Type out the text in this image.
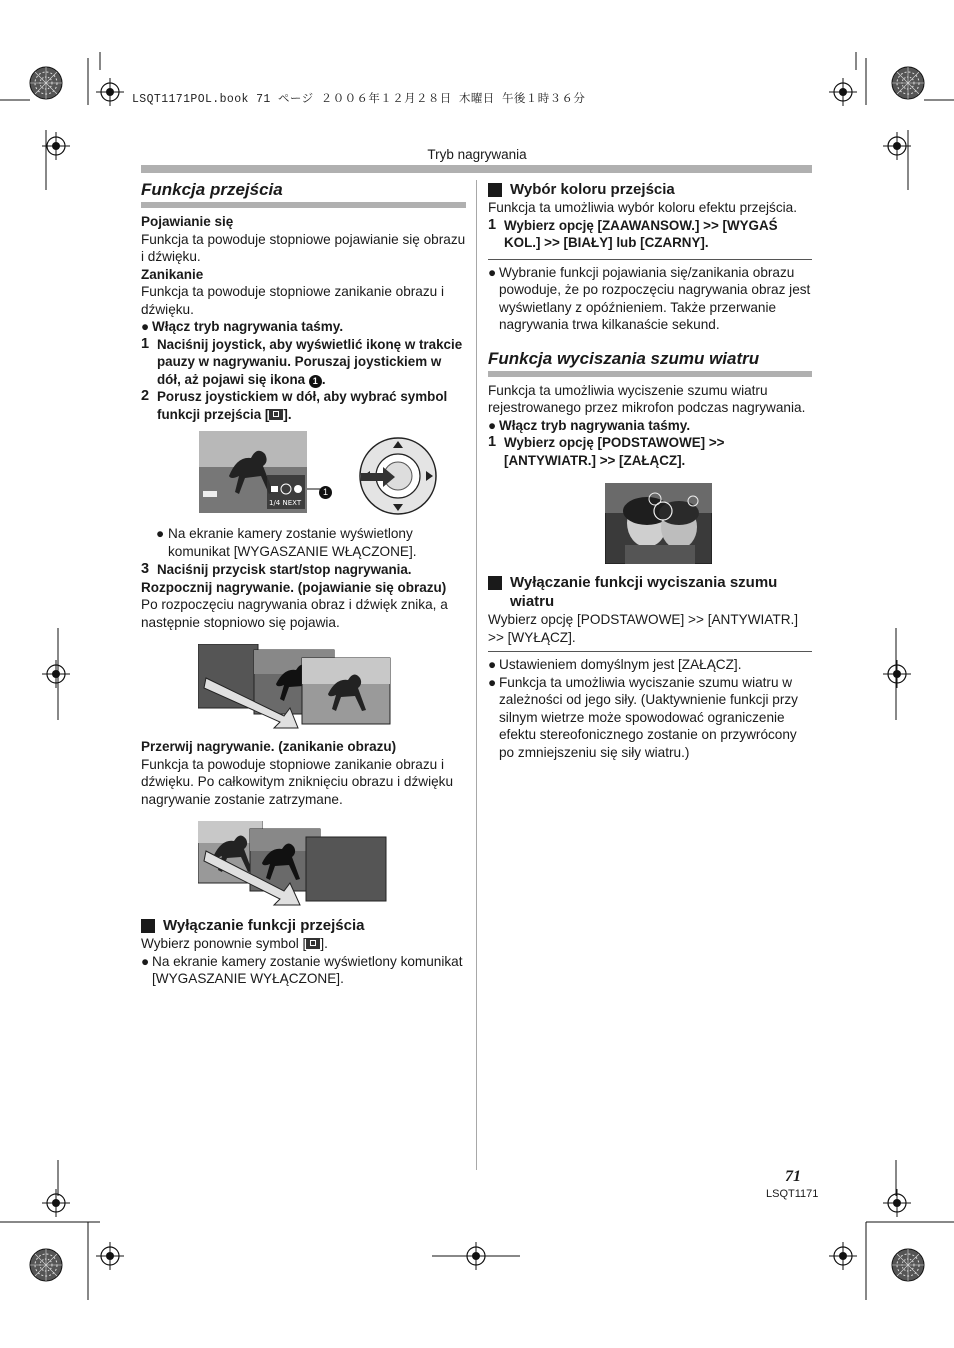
LSQT1171POL.book 71 ページ ２００６年１２月２８日 木曜日 午後１時３６分
Tryb nagrywania
Funkcja przejścia
Pojawianie się

Funkcja ta powoduje stopniowe pojawianie się obrazu i dźwięku.

Zanikanie

Funkcja ta powoduje stopniowe zanikanie obrazu i dźwięku.

● Włącz tryb nagrywania taśmy.
1 Naciśnij joystick, aby wyświetlić ikonę w trakcie pauzy w nagrywaniu. Poruszaj joystickiem w dół, aż pojawi się ikona 1 .
2 Porusz joystickiem w dół, aby wybrać symbol funkcji przejścia [ ].
1/4 NEXT
1
● Na ekranie kamery zostanie wyświetlony komunikat [WYGASZANIE WŁĄCZONE].
3 Naciśnij przycisk start/stop nagrywania.
Rozpocznij nagrywanie. (pojawianie się obrazu)

Po rozpoczęciu nagrywania obraz i dźwięk znika, a następnie stopniowo się pojawia.

Przerwij nagrywanie. (zanikanie obrazu)

Funkcja ta powoduje stopniowe zanikanie obrazu i dźwięku. Po całkowitym zniknięciu obrazu i dźwięku nagrywanie zostanie zatrzymane.

Wyłączanie funkcji przejścia

Wybierz ponownie symbol [ ].

● Na ekranie kamery zostanie wyświetlony komunikat [WYGASZANIE WYŁĄCZONE].
Wybór koloru przejścia

Funkcja ta umożliwia wybór koloru efektu przejścia.

1 Wybierz opcję [ZAAWANSOW.] >> [WYGAŚ KOL.] >> [BIAŁY] lub [CZARNY].
● Wybranie funkcji pojawiania się/zanikania obrazu powoduje, że po rozpoczęciu nagrywania obraz jest wyświetlany z opóźnieniem. Także przerwanie nagrywania trwa kilkanaście sekund.
Funkcja wyciszania szumu wiatru

Funkcja ta umożliwia wyciszenie szumu wiatru rejestrowanego przez mikrofon podczas nagrywania.

● Włącz tryb nagrywania taśmy.
1 Wybierz opcję [PODSTAWOWE] >> [ANTYWIATR.] >> [ZAŁĄCZ].
Wyłączanie funkcji wyciszania szumu wiatru

Wybierz opcję [PODSTAWOWE] >> [ANTYWIATR.] >> [WYŁĄCZ].

● Ustawieniem domyślnym jest [ZAŁĄCZ].
● Funkcja ta umożliwia wyciszanie szumu wiatru w zależności od jego siły. (Uaktywnienie funkcji przy silnym wietrze może spowodować ograniczenie efektu stereofonicznego zostanie on przywrócony po zmniejszeniu się siły wiatru.)
71
LSQT1171
